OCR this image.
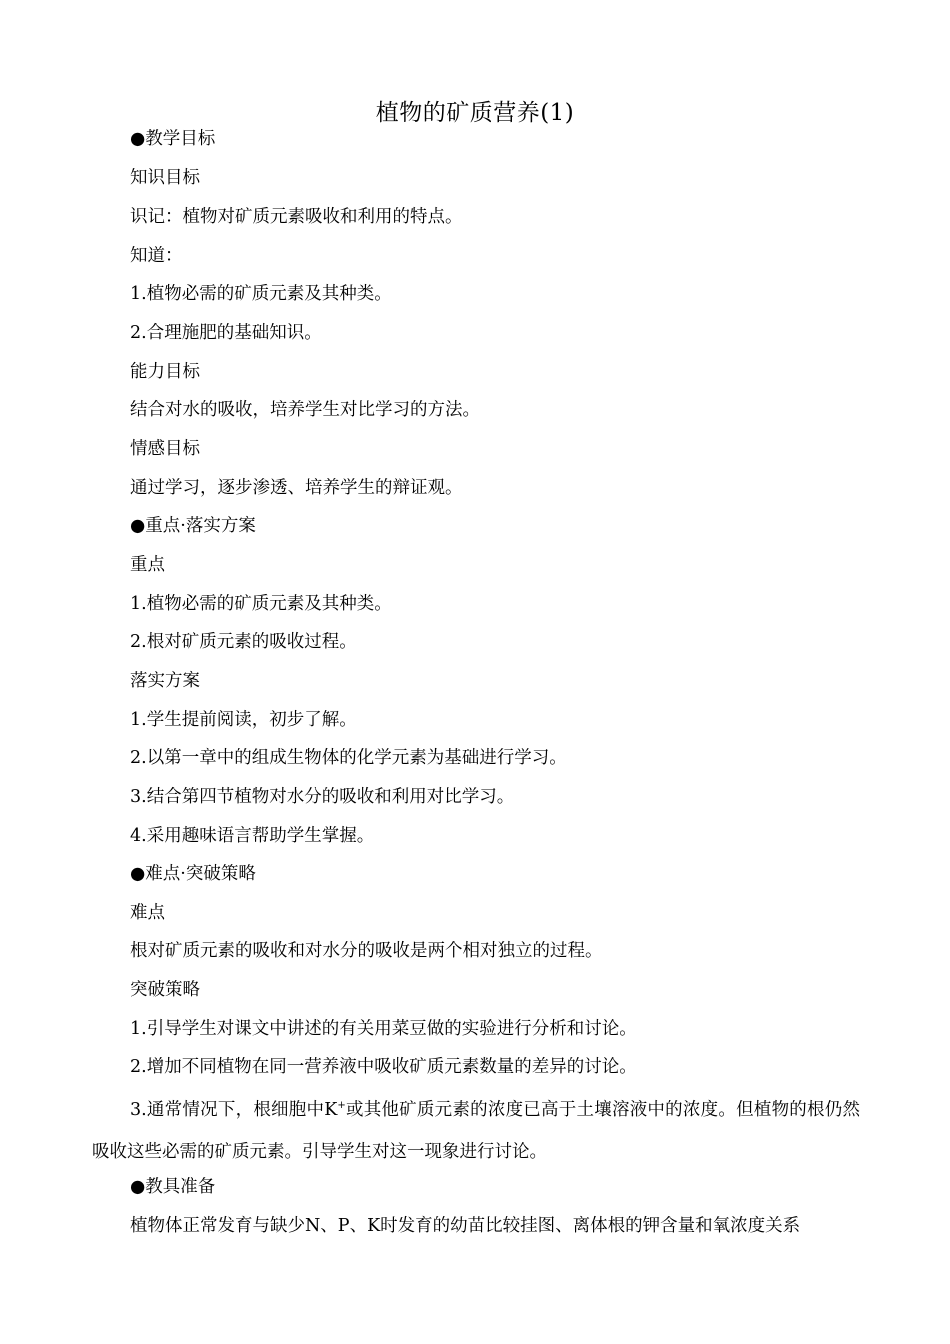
植物的矿质营养(1)
●教学目标
知识目标
识记：植物对矿质元素吸收和利用的特点。
知道：
1.植物必需的矿质元素及其种类。
2.合理施肥的基础知识。
能力目标
结合对水的吸收，培养学生对比学习的方法。
情感目标
通过学习，逐步渗透、培养学生的辩证观。
●重点·落实方案
重点
1.植物必需的矿质元素及其种类。
2.根对矿质元素的吸收过程。
落实方案
1.学生提前阅读，初步了解。
2.以第一章中的组成生物体的化学元素为基础进行学习。
3.结合第四节植物对水分的吸收和利用对比学习。
4.采用趣味语言帮助学生掌握。
●难点·突破策略
难点
根对矿质元素的吸收和对水分的吸收是两个相对独立的过程。
突破策略
1.引导学生对课文中讲述的有关用菜豆做的实验进行分析和讨论。
2.增加不同植物在同一营养液中吸收矿质元素数量的差异的讨论。
3.通常情况下，根细胞中K+或其他矿质元素的浓度已高于土壤溶液中的浓度。但植物的根仍然吸收这些必需的矿质元素。引导学生对这一现象进行讨论。
●教具准备
植物体正常发育与缺少N、P、K时发育的幼苗比较挂图、离体根的钾含量和氧浓度关系
